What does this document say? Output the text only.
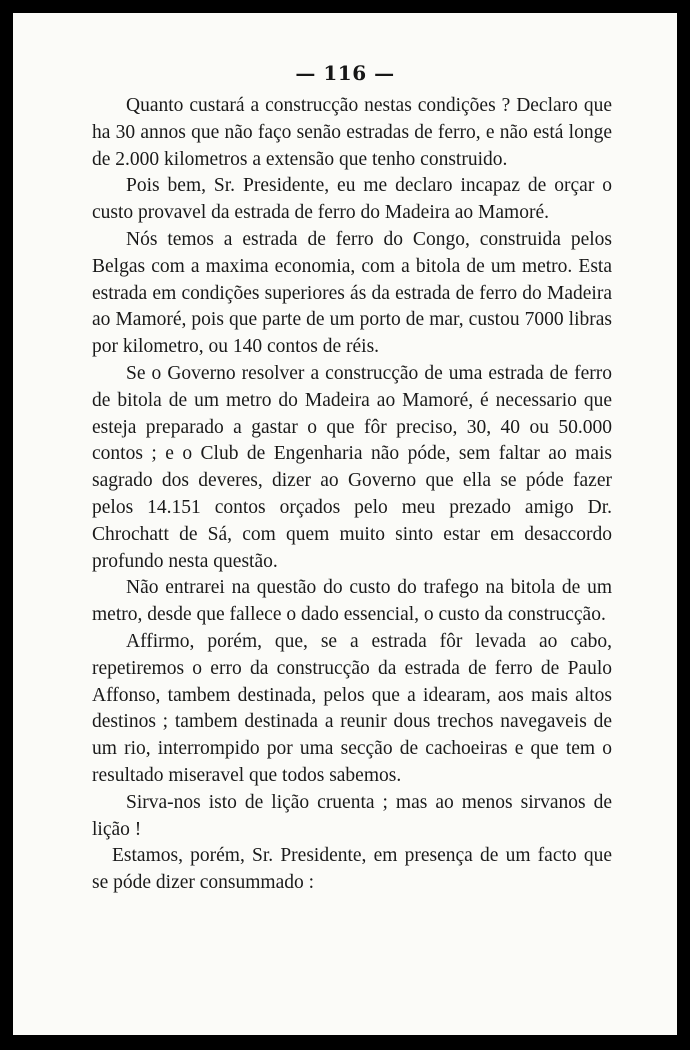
— 116 —

Quanto custará a construcção nestas condições ? Declaro que ha 30 annos que não faço senão estradas de ferro, e não está longe de 2.000 kilometros a extensão que tenho construido.

Pois bem, Sr. Presidente, eu me declaro incapaz de orçar o custo provavel da estrada de ferro do Madeira ao Mamoré.

Nós temos a estrada de ferro do Congo, construida pelos Belgas com a maxima economia, com a bitola de um metro. Esta estrada em condições superiores ás da estrada de ferro do Madeira ao Mamoré, pois que parte de um porto de mar, custou 7000 libras por kilometro, ou 140 contos de réis.

Se o Governo resolver a construcção de uma estrada de ferro de bitola de um metro do Madeira ao Mamoré, é necessario que esteja preparado a gastar o que fôr preciso, 30, 40 ou 50.000 contos ; e o Club de Engenharia não póde, sem faltar ao mais sagrado dos deveres, dizer ao Governo que ella se póde fazer pelos 14.151 contos orçados pelo meu prezado amigo Dr. Chrochatt de Sá, com quem muito sinto estar em desaccordo profundo nesta questão.

Não entrarei na questão do custo do trafego na bitola de um metro, desde que fallece o dado essencial, o custo da construcção.

Affirmo, porém, que, se a estrada fôr levada ao cabo, repetiremos o erro da construcção da estrada de ferro de Paulo Affonso, tambem destinada, pelos que a idearam, aos mais altos destinos ; tambem destinada a reunir dous trechos navegaveis de um rio, interrompido por uma secção de cachoeiras e que tem o resultado miseravel que todos sabemos.

Sirva-nos isto de lição cruenta ; mas ao menos sirvanos de lição !

Estamos, porém, Sr. Presidente, em presença de um facto que se póde dizer consummado :
